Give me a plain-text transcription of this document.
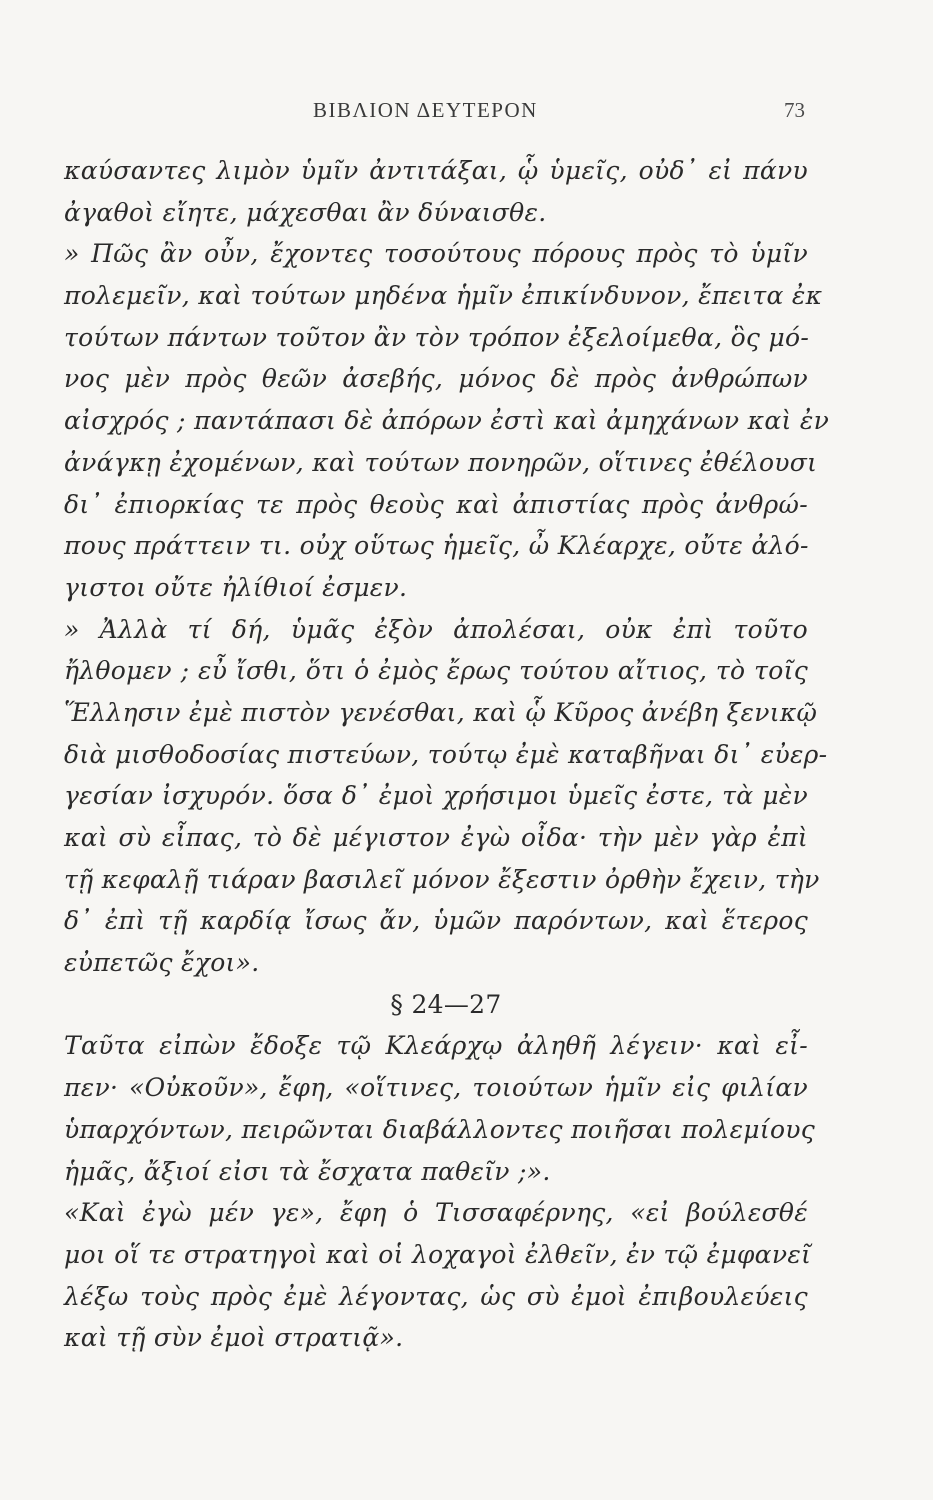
ΒΙΒΛΙΟΝ ΔΕΥΤΕΡΟΝ	73
καύσαντες λιμὸν ὑμῖν ἀντιτάξαι, ᾧ ὑμεῖς, οὐδ᾽ εἰ πάνυ
ἀγαθοὶ εἴητε, μάχεσθαι ἂν δύναισθε.
» Πῶς ἂν οὖν, ἔχοντες τοσούτους πόρους πρὸς τὸ ὑμῖν
πολεμεῖν, καὶ τούτων μηδένα ἡμῖν ἐπικίνδυνον, ἔπειτα ἐκ
τούτων πάντων τοῦτον ἂν τὸν τρόπον ἐξελοίμεθα, ὃς μό-
νος μὲν πρὸς θεῶν ἀσεβής, μόνος δὲ πρὸς ἀνθρώπων
αἰσχρός ; παντάπασι δὲ ἀπόρων ἐστὶ καὶ ἀμηχάνων καὶ ἐν
ἀνάγκῃ ἐχομένων, καὶ τούτων πονηρῶν, οἵτινες ἐθέλουσι
δι᾽ ἐπιορκίας τε πρὸς θεοὺς καὶ ἀπιστίας πρὸς ἀνθρώ-
πους πράττειν τι. οὐχ οὕτως ἡμεῖς, ὦ Κλέαρχε, οὔτε ἀλό-
γιστοι οὔτε ἠλίθιοί ἐσμεν.
» Ἀλλὰ τί δή, ὑμᾶς ἐξὸν ἀπολέσαι, οὐκ ἐπὶ τοῦτο
ἤλθομεν ; εὖ ἴσθι, ὅτι ὁ ἐμὸς ἔρως τούτου αἴτιος, τὸ τοῖς
Ἕλλησιν ἐμὲ πιστὸν γενέσθαι, καὶ ᾧ Κῦρος ἀνέβη ξενικῷ
διὰ μισθοδοσίας πιστεύων, τούτῳ ἐμὲ καταβῆναι δι᾽ εὐερ-
γεσίαν ἰσχυρόν. ὅσα δ᾽ ἐμοὶ χρήσιμοι ὑμεῖς ἐστε, τὰ μὲν
καὶ σὺ εἶπας, τὸ δὲ μέγιστον ἐγὼ οἶδα· τὴν μὲν γὰρ ἐπὶ
τῇ κεφαλῇ τιάραν βασιλεῖ μόνον ἔξεστιν ὀρθὴν ἔχειν, τὴν
δ᾽ ἐπὶ τῇ καρδίᾳ ἴσως ἄν, ὑμῶν παρόντων, καὶ ἕτερος
εὐπετῶς ἔχοι».
§ 24—27
Ταῦτα εἰπὼν ἔδοξε τῷ Κλεάρχῳ ἀληθῆ λέγειν· καὶ εἶ-
πεν· «Οὐκοῦν», ἔφη, «οἵτινες, τοιούτων ἡμῖν εἰς φιλίαν
ὑπαρχόντων, πειρῶνται διαβάλλοντες ποιῆσαι πολεμίους
ἡμᾶς, ἄξιοί εἰσι τὰ ἔσχατα παθεῖν ;».
«Καὶ ἐγὼ μέν γε», ἔφη ὁ Τισσαφέρνης, «εἰ βούλεσθέ
μοι οἵ τε στρατηγοὶ καὶ οἱ λοχαγοὶ ἐλθεῖν, ἐν τῷ ἐμφανεῖ
λέξω τοὺς πρὸς ἐμὲ λέγοντας, ὡς σὺ ἐμοὶ ἐπιβουλεύεις
καὶ τῇ σὺν ἐμοὶ στρατιᾷ».
